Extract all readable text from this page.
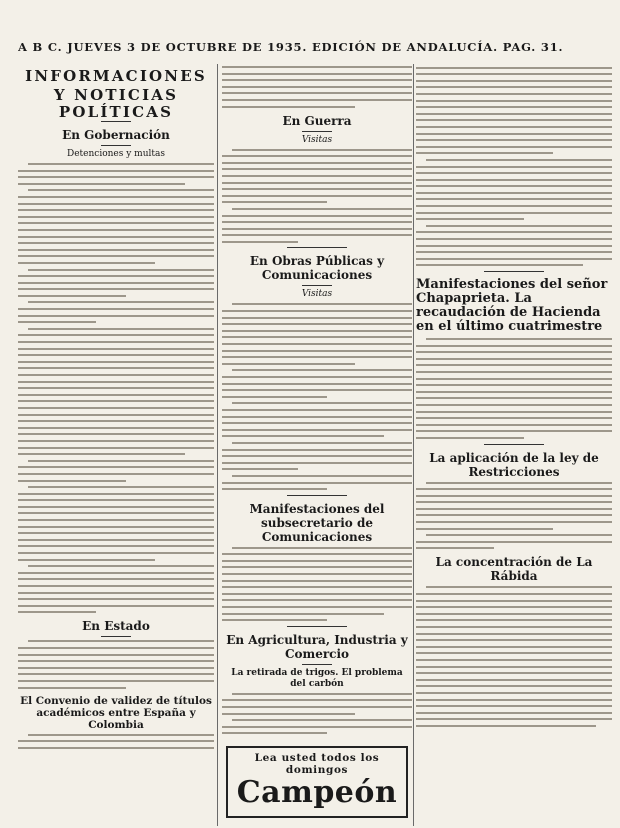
A B C. JUEVES 3 DE OCTUBRE DE 1935. EDICIÓN DE ANDALUCÍA. PAG. 31.
INFORMACIONES
Y NOTICIAS POLÍTICAS
En Gobernación
Detenciones y multas
En Estado
El Convenio de validez de títulos académicos entre España y Colombia
En Guerra
Visitas
En Obras Públicas y Comunicaciones
Visitas
Manifestaciones del subsecretario de Comunicaciones
En Agricultura, Industria y Comercio
La retirada de trigos. El problema del carbón
Lea usted todos los domingos
Campeón
Manifestaciones del señor Chapaprieta. La recaudación de Hacienda en el último cuatrimestre
La aplicación de la ley de Restricciones
La concentración de La Rábida
